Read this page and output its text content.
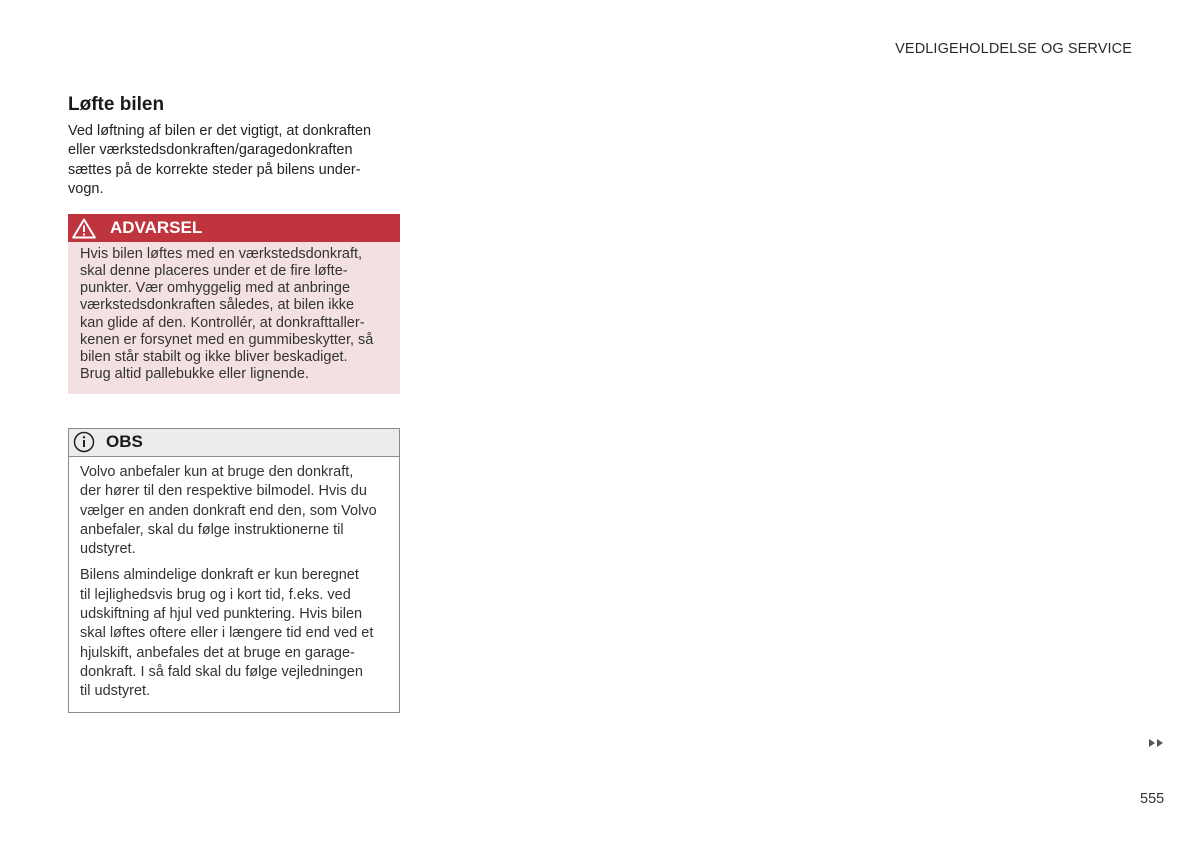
VEDLIGEHOLDELSE OG SERVICE
Løfte bilen

Ved løftning af bilen er det vigtigt, at donkraften

eller værkstedsdonkraften/garagedonkraften

sættes på de korrekte steder på bilens under-

vogn.

ADVARSEL

Hvis bilen løftes med en værkstedsdonkraft,

skal denne placeres under et de fire løfte-

punkter. Vær omhyggelig med at anbringe

værkstedsdonkraften således, at bilen ikke

kan glide af den. Kontrollér, at donkrafttaller-

kenen er forsynet med en gummibeskytter, så

bilen står stabilt og ikke bliver beskadiget.

Brug altid pallebukke eller lignende.

OBS

Volvo anbefaler kun at bruge den donkraft,
der hører til den respektive bilmodel. Hvis du
vælger en anden donkraft end den, som Volvo
anbefaler, skal du følge instruktionerne til
udstyret.

Bilens almindelige donkraft er kun beregnet
til lejlighedsvis brug og i kort tid, f.eks. ved
udskiftning af hjul ved punktering. Hvis bilen
skal løftes oftere eller i længere tid end ved et
hjulskift, anbefales det at bruge en garage-
donkraft. I så fald skal du følge vejledningen
til udstyret.

555
